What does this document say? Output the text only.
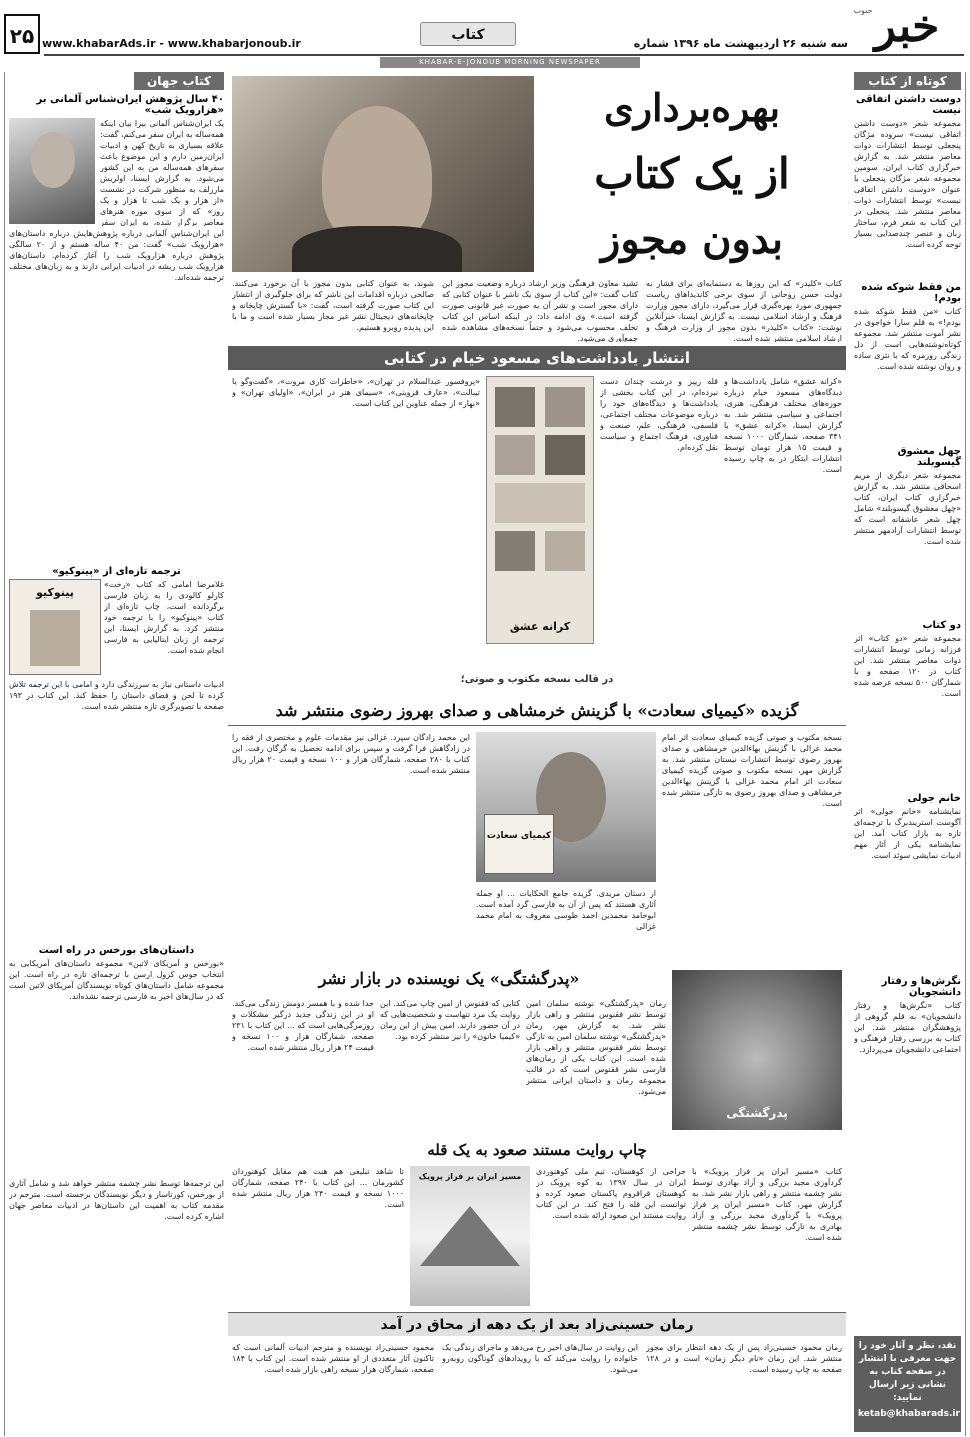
خبر
جنوب
سه شنبه ۲۶ اردیبهشت ماه ۱۳۹۶ شماره
کتاب
www.khabarAds.ir - www.khabarjonoub.ir
۲۵
KHABAR-E-JONOUB MORNING NEWSPAPER
کوتاه از کتاب
دوست داشتن اتفاقی نیست
مجموعه شعر «دوست داشتن اتفاقی نیست» سروده مژگان پنجعلی توسط انتشارات دوات معاصر منتشر شد. به گزارش خبرگزاری کتاب ایران، سومین مجموعه شعر مژگان پنجعلی با عنوان «دوست داشتن اتفاقی نیست» توسط انتشارات دوات معاصر منتشر شد. پنجعلی در این کتاب به شعر فرم، ساختار زبان و عنصر چندصدایی بسیار توجه کرده است.
من فقط شوکه شده بودم!
کتاب «من فقط شوکه شده بودم!» به قلم سارا خواجوی در نشر آموت منتشر شد. مجموعه کوتاه‌نوشته‌هایی است از دل زندگی روزمره که با نثری ساده و روان نوشته شده است.
چهل معشوق گیسوبلند
مجموعه شعر دیگری از مریم اسحاقی منتشر شد. به گزارش خبرگزاری کتاب ایران، کتاب «چهل معشوق گیسوبلند» شامل چهل شعر عاشقانه است که توسط انتشارات آرادمهر منتشر شده است.
دو کتاب
مجموعه شعر «دو کتاب» اثر فرزانه زمانی توسط انتشارات دوات معاصر منتشر شد. این کتاب در ۱۲۰ صفحه و با شمارگان ۵۰۰ نسخه عرضه شده است.
خانم جولی
نمایشنامه «خانم جولی» اثر آگوست استریندبرگ با ترجمه‌ای تازه به بازار کتاب آمد. این نمایشنامه یکی از آثار مهم ادبیات نمایشی سوئد است.
نگرش‌ها و رفتار دانشجویان
کتاب «نگرش‌ها و رفتار دانشجویان» به قلم گروهی از پژوهشگران منتشر شد. این کتاب به بررسی رفتار فرهنگی و اجتماعی دانشجویان می‌پردازد.
نقد، نظر و آثار خود را جهت معرفی با انتشار در صفحه کتاب به نشانی زیر ارسال نمایید:
ketab@khabarads.ir
بهره‌برداری
از یک کتاب
بدون مجوز
کتاب «کلیدر» که این روزها به دستمایه‌ای برای فشار به دولت حسن روحانی از سوی برخی کاندیداهای ریاست جمهوری مورد بهره‌گیری قرار می‌گیرد، دارای مجوز وزارت فرهنگ و ارشاد اسلامی نیست. به گزارش ایسنا، خبرآنلاین نوشت: «کتاب «کلیدر» بدون مجوز از وزارت فرهنگ و ارشاد اسلامی منتشر شده است.
تشید معاون فرهنگی وزیر ارشاد درباره وضعیت مجوز این کتاب گفت: «این کتاب از سوی یک ناشر با عنوان کتابی که دارای مجوز است و نشر آن به صورت غیر قانونی صورت گرفته است.» وی ادامه داد: در اینکه اساس این کتاب تخلف محسوب می‌شود و حتماً نسخه‌های مشاهده شده جمع‌آوری می‌شود.
شوند، به عنوان کتابی بدون مجوز با آن برخورد می‌کنند. صالحی درباره اقدامات این ناشر که برای جلوگیری از انتشار این کتاب صورت گرفته است، گفت: «با گسترش چاپخانه و چاپخانه‌های دیجیتال نشر غیر مجاز بسیار شده است و ما با این پدیده روبرو هستیم.
انتشار یادداشت‌های مسعود خیام در کتابی
«کرانه عشق» شامل یادداشت‌ها و دیدگاه‌های مسعود خیام درباره حوزه‌های مختلف فرهنگی، هنری، اجتماعی و سیاسی منتشر شد. به گزارش ایسنا، «کرانه عشق» با ۳۴۱ صفحه، شمارگان ۱۰۰۰ نسخه و قیمت ۱۵ هزار تومان توسط انتشارات ایتکار در به چاپ رسیده است.
قله رییز و درشت چندان دست نبرده‌ام، در این کتاب بخشی از یادداشت‌ها و دیدگاه‌های خود را درباره موضوعات مختلف اجتماعی، فلسفی، فرهنگی، علم، صنعت و فناوری، فرهنگ اجتماع و سیاست نقل کرده‌ام.
کرانه عشق
«پروفسور عبدالسلام در تهران»، «خاطرات کاری مروت»، «گفت‌وگو با تیبالت»، «عارف قزوینی»، «سیمای هنر در ایران»، «اولیای تهران» و «بهار» از جمله عناوین این کتاب است.
در قالب نسخه مکتوب و صوتی؛
گزیده «کیمیای سعادت» با گزینش خرمشاهی و صدای بهروز رضوی منتشر شد
نسخه مکتوب و صوتی گزیده کیمیای سعادت اثر امام محمد غزالی با گزینش بهاءالدین خرمشاهی و صدای بهروز رضوی توسط انتشارات نیستان منتشر شد. به گزارش مهر، نسخه مکتوب و صوتی گزیده کیمیای سعادت اثر امام محمد غزالی با گزینش بهاءالدین خرمشاهی و صدای بهروز رضوی به تازگی منتشر شده است.
کیمیای سعادت
از دستان مریدی. گزیده جامع الحکایات ... او جمله آثاری هستند که پس از آن به فارسی گرد آمده است. ابوحامد محمدبن احمد طوسی معروف به امام محمد غزالی
این محمد زادگان سپرد. غزالی نیز مقدمات علوم و مختصری از فقه را در زادگاهش فرا گرفت و سپس برای ادامه تحصیل به گرگان رفت. این کتاب با ۲۸۰ صفحه، شمارگان هزار و ۱۰۰ نسخه و قیمت ۲۰ هزار ریال منتشر شده است.
«پدرگشتگی» یک نویسنده در بازار نشر
پدرگشتگی
رمان «پدرگشتگی» نوشته سلمان امین توسط نشر ققنوس منتشر و راهی بازار نشر شد. به گزارش مهر، رمان «پدرگشتگی» نوشته سلمان امین به تازگی توسط نشر ققنوس منتشر و راهی بازار شده است. این کتاب یکی از رمان‌های فارسی نشر ققنوس است که در قالب مجموعه رمان و داستان ایرانی منتشر می‌شود.
کتابی که ققنوس از امین چاپ می‌کند. این روایت یک مرد تنهاست و شخصیت‌هایی که در آن حضور دارند. امین پیش از این رمان «کیمیا خاتون» را نیز منتشر کرده بود.
جدا شده و با همسر دومش زندگی می‌کند. او در این زندگی جدید درگیر مشکلات و روزمرگی‌هایی است که ... این کتاب با ۲۳۱ صفحه، شمارگان هزار و ۱۰۰ نسخه و قیمت ۲۴ هزار ریال منتشر شده است.
چاپ روایت مستند صعود به یک قله
کتاب «مسیر ایران پر فراز پرویک» با گردآوری مجید بزرگی و آزاد بهادری توسط نشر چشمه منتشر و راهی بازار نشر شد. به گزارش مهر، کتاب «مسیر ایران پر فراز پرویک» با گردآوری مجید بزرگی و آزاد بهادری به تازگی توسط نشر چشمه منتشر شده است.
جراحی از کوهستان، تیم ملی کوهنوردی ایران در سال ۱۳۹۷ به کوه پرویک در کوهستان قراقروم پاکستان صعود کرده و توانست این قله را فتح کند. در این کتاب روایت مستند این صعود ارائه شده است.
مسیر ایران بر فراز پرویک
تا شاهد تبلیغی هم هنت هم مقابل کوهنوردان کشورمان ... این کتاب با ۲۴۰ صفحه، شمارگان ۱۰۰۰ نسخه و قیمت ۲۴۰ هزار ریال منتشر شده است.
رمان حسینی‌زاد بعد از یک دهه از محاق در آمد
رمان محمود حسینی‌زاد پس از یک دهه انتظار برای مجوز منتشر شد. این رمان «نام دیگر زمان» است و در ۱۲۸ صفحه به چاپ رسیده است.
این روایت در سال‌های اخیر رخ می‌دهد و ماجرای زندگی یک خانواده را روایت می‌کند که با رویدادهای گوناگون روبه‌رو می‌شود.
محمود حسینی‌زاد نویسنده و مترجم ادبیات آلمانی است که تاکنون آثار متعددی از او منتشر شده است. این کتاب با ۱۸۴ صفحه، شمارگان هزار نسخه راهی بازار شده است.
کتاب جهان
۴۰ سال پژوهش ایران‌شناس آلمانی بر «هزارویک شب»
یک ایران‌شناس آلمانی بیرا بیان اینکه همه‌ساله به ایران سفر می‌کنم، گفت: علاقه بسیاری به تاریخ کهن و ادبیات ایران‌زمین دارم و این موضوع باعث سفرهای همه‌ساله من به این کشور می‌شود. به گزارش ایسنا، اولریش مارزلف به منظور شرکت در نشست «از هزار و یک شب تا هزار و یک روز» که از سوی موزه هنرهای معاصر برگزار شده، به ایران سفر
این ایران‌شناس آلمانی درباره پژوهش‌هایش درباره داستان‌های «هزارویک شب» گفت: من ۴۰ ساله هستم و از ۲۰ سالگی پژوهش درباره هزارویک شب را آغاز کرده‌ام. داستان‌های هزارویک شب ریشه در ادبیات ایرانی دارند و به زبان‌های مختلف ترجمه شده‌اند.
ترجمه تازه‌ای از «پینوکیو»
پینوکیو
غلامرضا امامی که کتاب «رخت» کارلو کالودی را به زبان فارسی برگردانده است، چاپ تازه‌ای از کتاب «پینوکیو» را با ترجمه خود منتشر کرد. به گزارش ایسنا، این ترجمه از زبان ایتالیایی به فارسی انجام شده است.
ادبیات داستانی نیاز به سرزندگی دارد و امامی با این ترجمه تلاش کرده تا لحن و فضای داستان را حفظ کند. این کتاب در ۱۹۳ صفحه با تصویرگری تازه منتشر شده است.
داستان‌های بورخس در راه است
«بورخس و آمریکای لاتین» مجموعه داستان‌های آمریکایی به انتخاب جوس کرول ارسن با ترجمه‌ای تازه در راه است. این مجموعه شامل داستان‌های کوتاه نویسندگان آمریکای لاتین است که در سال‌های اخیر به فارسی ترجمه نشده‌اند.
این ترجمه‌ها توسط نشر چشمه منتشر خواهد شد و شامل آثاری از بورخس، کورتاسار و دیگر نویسندگان برجسته است. مترجم در مقدمه کتاب به اهمیت این داستان‌ها در ادبیات معاصر جهان اشاره کرده است.
